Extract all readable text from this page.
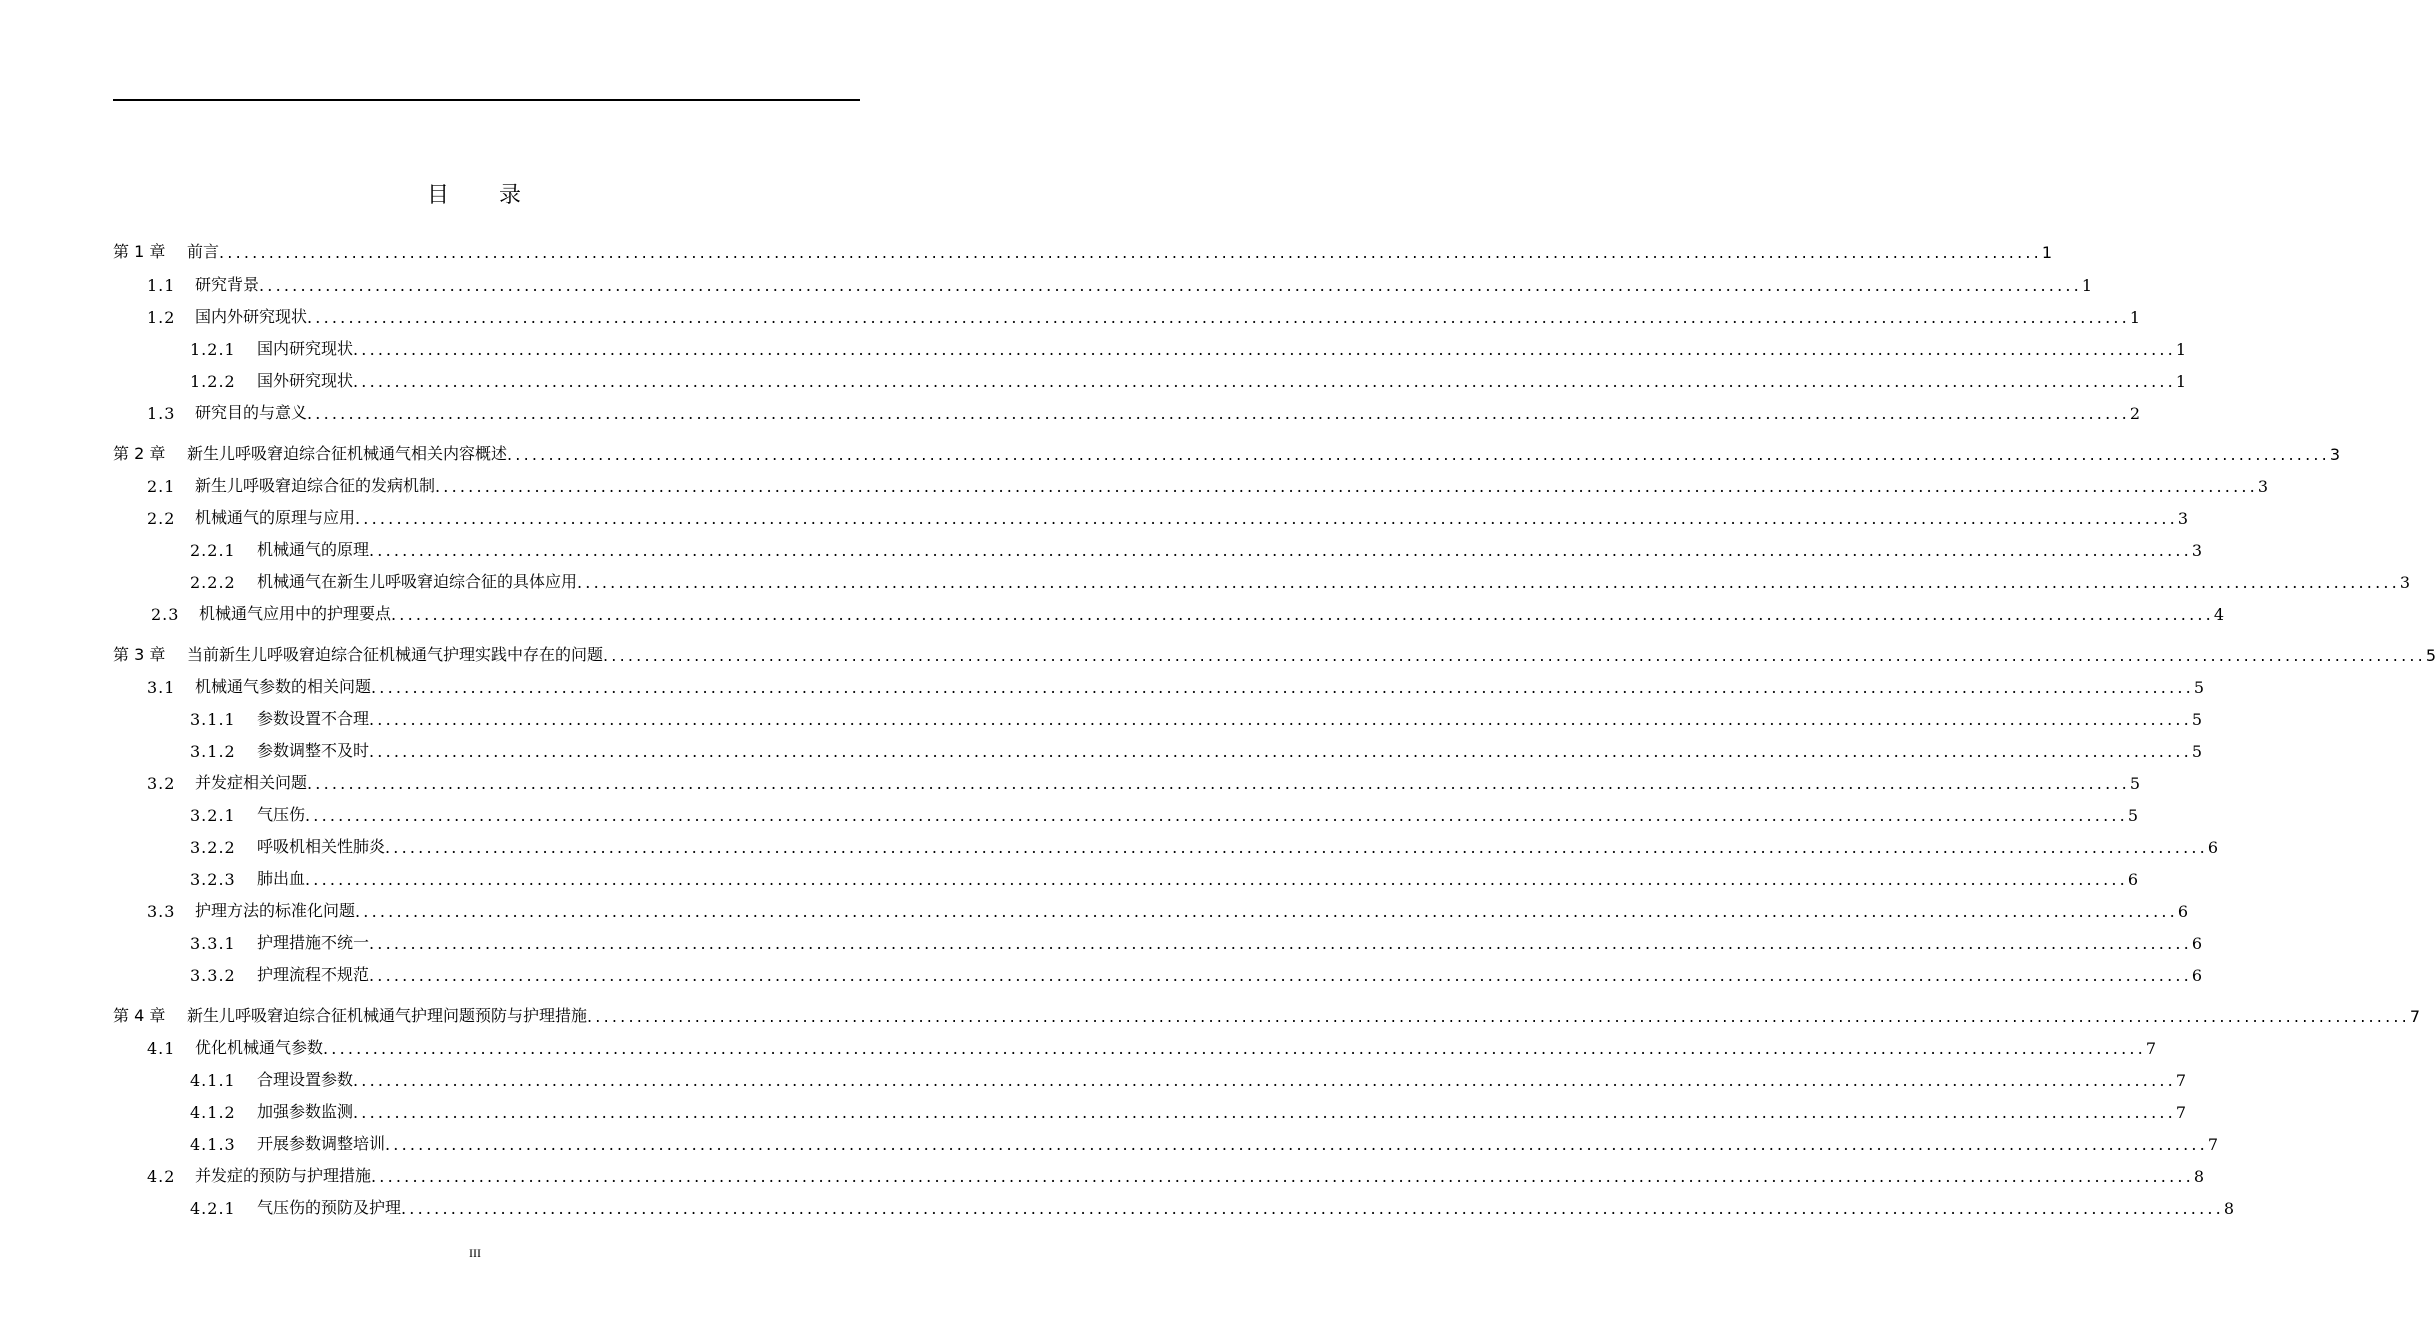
目 录
第 1 章	前言 ............................................................................................................................................................................................................................ 1
1.1	研究背景 ............................................................................................................................................................................................................................ 1
1.2	国内外研究现状 ............................................................................................................................................................................................................................ 1
1.2.1	国内研究现状 ............................................................................................................................................................................................................................ 1
1.2.2	国外研究现状 ............................................................................................................................................................................................................................ 1
1.3	研究目的与意义 ............................................................................................................................................................................................................................ 2
第 2 章	新生儿呼吸窘迫综合征机械通气相关内容概述 ............................................................................................................................................................................................................................ 3
2.1	新生儿呼吸窘迫综合征的发病机制 ............................................................................................................................................................................................................................ 3
2.2	机械通气的原理与应用 ............................................................................................................................................................................................................................ 3
2.2.1	机械通气的原理 ............................................................................................................................................................................................................................ 3
2.2.2	机械通气在新生儿呼吸窘迫综合征的具体应用 ............................................................................................................................................................................................................................ 3
2.3	机械通气应用中的护理要点 ............................................................................................................................................................................................................................ 4
第 3 章	当前新生儿呼吸窘迫综合征机械通气护理实践中存在的问题 ............................................................................................................................................................................................................................ 5
3.1	机械通气参数的相关问题 ............................................................................................................................................................................................................................ 5
3.1.1	参数设置不合理 ............................................................................................................................................................................................................................ 5
3.1.2	参数调整不及时 ............................................................................................................................................................................................................................ 5
3.2	并发症相关问题 ............................................................................................................................................................................................................................ 5
3.2.1	气压伤 ............................................................................................................................................................................................................................ 5
3.2.2	呼吸机相关性肺炎 ............................................................................................................................................................................................................................ 6
3.2.3	肺出血 ............................................................................................................................................................................................................................ 6
3.3	护理方法的标准化问题 ............................................................................................................................................................................................................................ 6
3.3.1	护理措施不统一 ............................................................................................................................................................................................................................ 6
3.3.2	护理流程不规范 ............................................................................................................................................................................................................................ 6
第 4 章	新生儿呼吸窘迫综合征机械通气护理问题预防与护理措施 ............................................................................................................................................................................................................................ 7
4.1	优化机械通气参数 ............................................................................................................................................................................................................................ 7
4.1.1	合理设置参数 ............................................................................................................................................................................................................................ 7
4.1.2	加强参数监测 ............................................................................................................................................................................................................................ 7
4.1.3	开展参数调整培训 ............................................................................................................................................................................................................................ 7
4.2	并发症的预防与护理措施 ............................................................................................................................................................................................................................ 8
4.2.1	气压伤的预防及护理 ............................................................................................................................................................................................................................ 8
III
